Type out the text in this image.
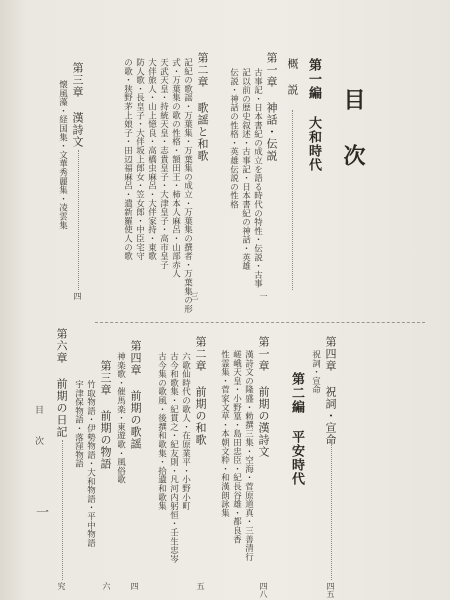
目次
第一編 大和時代
概 説
第一章 神話・伝説
古事記・日本書紀の成立を語る時代の特性・伝説・古事
記以前の歴史叙述・古事記・日本書紀の神話・英雄
伝説・神話の性格・英雄伝説の性格
一
第二章 歌謡と和歌
記紀の歌謡・万葉集・万葉集の成立・万葉集の撰者・万葉集の形
式・万葉集の歌の性格・額田王・柿本人麻呂・山部赤人
天武天皇・持統天皇・志貴皇子・大津皇子・高市皇子
大伴旅人・山上憶良・高橋虫麻呂・大伴家持・東歌
防人歌・長皇子・大伴坂上郎女・笠女郎・中臣宅守
の歌・狭野茅上娘子・田辺福麻呂・遣新羅使人の歌
三
第三章 漢詩文
懐風藻・経国集・文華秀麗集・凌雲集
四
目 次	第四章 祝詞・宣命
祝詞・宣命
四五
第二編 平安時代
第一章 前期の漢詩文
漢詩文の隆盛・勅撰三集・空海・菅原道真・三善清行
嵯峨天皇・小野篁・島田忠臣・紀長谷雄・都良香
性霊集・菅家文草・本朝文粋・和漢朗詠集
四八
第二章 前期の和歌
六歌仙時代の歌人・在原業平・小野小町
古今和歌集・紀貫之・紀友則・凡河内躬恒・壬生忠岑
古今集の歌風・後撰和歌集・拾遺和歌集
五
第四章 前期の歌謡
神楽歌・催馬楽・東遊歌・風俗歌
四
第三章 前期の物語
竹取物語・伊勢物語・大和物語・平中物語
宇津保物語・落窪物語
六
第六章 前期の日記
究
一
